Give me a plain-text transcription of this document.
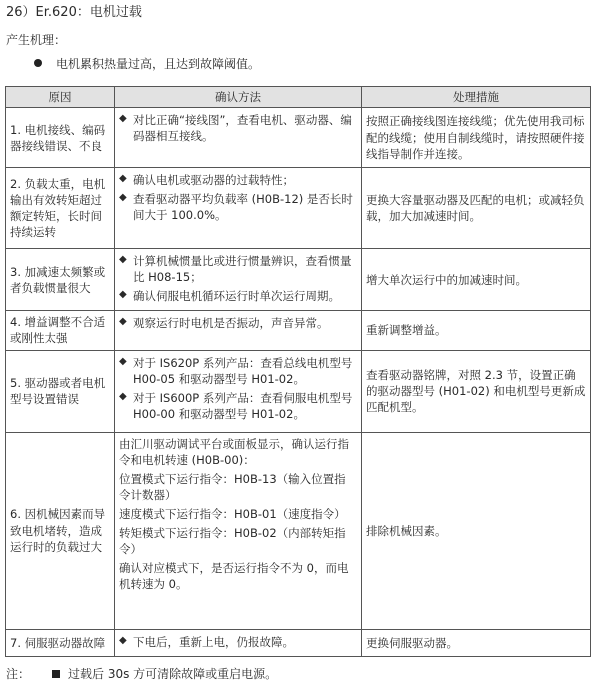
26）Er.620：电机过载
产生机理：
电机累积热量过高，且达到故障阈值。
原因	确认方法	处理措施
1. 电机接线、编码器接线错误、不良	◆ 对比正确“接线图”，查看电机、驱动器、编码器相互接线。	按照正确接线图连接线缆；优先使用我司标配的线缆；使用自制线缆时，请按照硬件接线指导制作并连接。
2. 负载太重，电机输出有效转矩超过额定转矩，长时间持续运转	◆ 确认电机或驱动器的过载特性；
◆ 查看驱动器平均负载率 (H0B-12) 是否长时间大于 100.0%。	更换大容量驱动器及匹配的电机；或减轻负载，加大加减速时间。
3. 加减速太频繁或者负载惯量很大	◆ 计算机械惯量比或进行惯量辨识，查看惯量比 H08-15；
◆ 确认伺服电机循环运行时单次运行周期。	增大单次运行中的加减速时间。
4. 增益调整不合适或刚性太强	◆ 观察运行时电机是否振动，声音异常。	重新调整增益。
5. 驱动器或者电机型号设置错误	◆ 对于 IS620P 系列产品：查看总线电机型号 H00-05 和驱动器型号 H01-02。
◆ 对于 IS600P 系列产品：查看伺服电机型号 H00-00 和驱动器型号 H01-02。	查看驱动器铭牌，对照 2.3 节，设置正确的驱动器型号 (H01-02) 和电机型号更新成匹配机型。
6. 因机械因素而导致电机堵转，造成运行时的负载过大	由汇川驱动调试平台或面板显示，确认运行指令和电机转速 (H0B-00)：
位置模式下运行指令：H0B-13（输入位置指令计数器）
速度模式下运行指令：H0B-01（速度指令）
转矩模式下运行指令：H0B-02（内部转矩指令）
确认对应模式下，是否运行指令不为 0，而电机转速为 0。	排除机械因素。
7. 伺服驱动器故障	◆ 下电后，重新上电，仍报故障。	更换伺服驱动器。
注：	过载后 30s 方可清除故障或重启电源。
